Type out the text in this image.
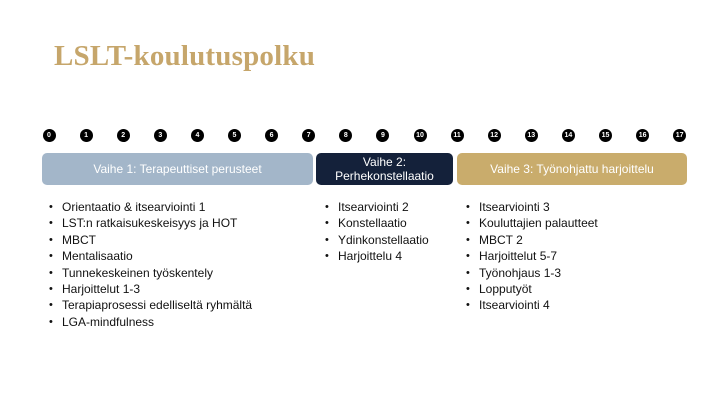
LSLT-koulutuspolku
0	1	2	3	4	5	6	7	8	9	10	11	12	13	14	15	16	17
Vaihe 1: Terapeuttiset perusteet	Vaihe 2: Perhekonstellaatio	Vaihe 3: Työnohjattu harjoittelu
• Orientaatio & itsearviointi 1
• LST:n ratkaisukeskeisyys ja HOT
• MBCT
• Mentalisaatio
• Tunnekeskeinen työskentely
• Harjoittelut 1-3
• Terapiaprosessi edelliseltä ryhmältä
• LGA-mindfulness
• Itsearviointi 2
• Konstellaatio
• Ydinkonstellaatio
• Harjoittelu 4
• Itsearviointi 3
• Kouluttajien palautteet
• MBCT 2
• Harjoittelut 5-7
• Työnohjaus 1-3
• Lopputyöt
• Itsearviointi 4
